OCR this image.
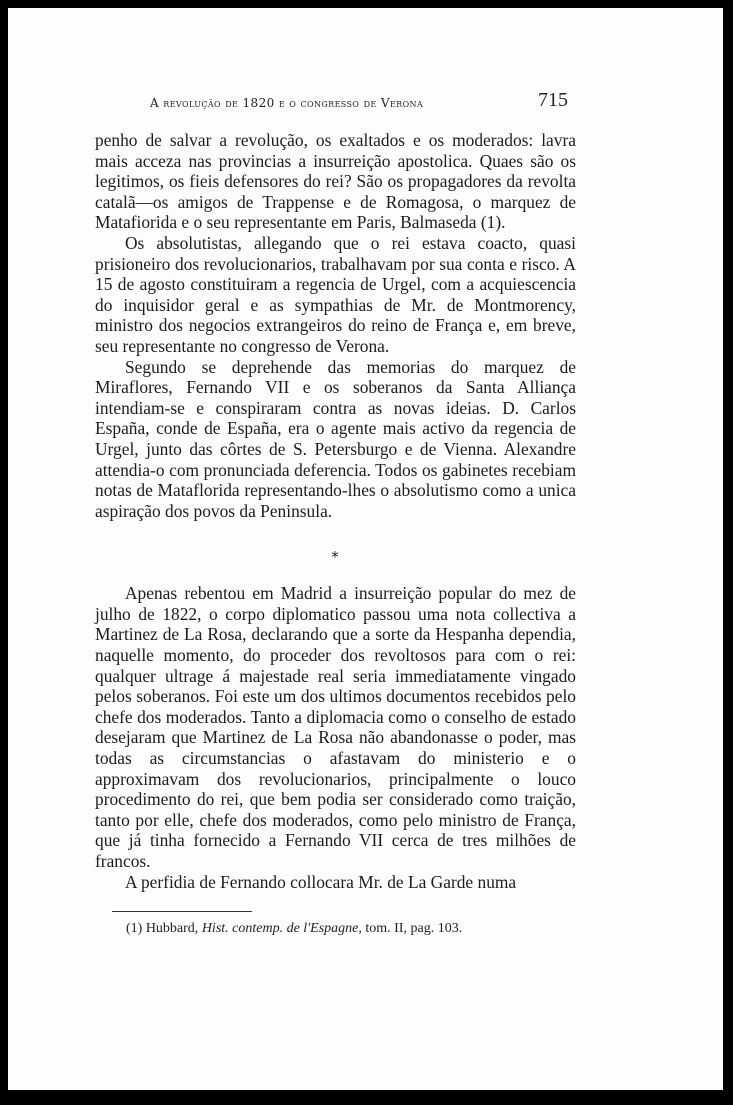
A revolução de 1820 e o congresso de Verona	715

penho de salvar a revolução, os exaltados e os moderados: lavra mais acceza nas provincias a insurreição apostolica. Quaes são os legitimos, os fieis defensores do rei? São os propagadores da revolta catalã—os amigos de Trappense e de Romagosa, o marquez de Matafiorida e o seu representante em Paris, Balmaseda (1).

Os absolutistas, allegando que o rei estava coacto, quasi prisioneiro dos revolucionarios, trabalhavam por sua conta e risco. A 15 de agosto constituiram a regencia de Urgel, com a acquiescencia do inquisidor geral e as sympathias de Mr. de Montmorency, ministro dos negocios extrangeiros do reino de França e, em breve, seu representante no congresso de Verona.

Segundo se deprehende das memorias do marquez de Miraflores, Fernando VII e os soberanos da Santa Alliança intendiam-se e conspiraram contra as novas ideias. D. Carlos España, conde de España, era o agente mais activo da regencia de Urgel, junto das côrtes de S. Petersburgo e de Vienna. Alexandre attendia-o com pronunciada deferencia. Todos os gabinetes recebiam notas de Mataflorida representando-lhes o absolutismo como a unica aspiração dos povos da Peninsula.

Apenas rebentou em Madrid a insurreição popular do mez de julho de 1822, o corpo diplomatico passou uma nota collectiva a Martinez de La Rosa, declarando que a sorte da Hespanha dependia, naquelle momento, do proceder dos revoltosos para com o rei: qualquer ultrage á majestade real seria immediatamente vingado pelos soberanos. Foi este um dos ultimos documentos recebidos pelo chefe dos moderados. Tanto a diplomacia como o conselho de estado desejaram que Martinez de La Rosa não abandonasse o poder, mas todas as circumstancias o afastavam do ministerio e o approximavam dos revolucionarios, principalmente o louco procedimento do rei, que bem podia ser considerado como traição, tanto por elle, chefe dos moderados, como pelo ministro de França, que já tinha fornecido a Fernando VII cerca de tres milhões de francos.

A perfidia de Fernando collocara Mr. de La Garde numa

*
(1) Hubbard, Hist. contemp. de l'Espagne, tom. II, pag. 103.
